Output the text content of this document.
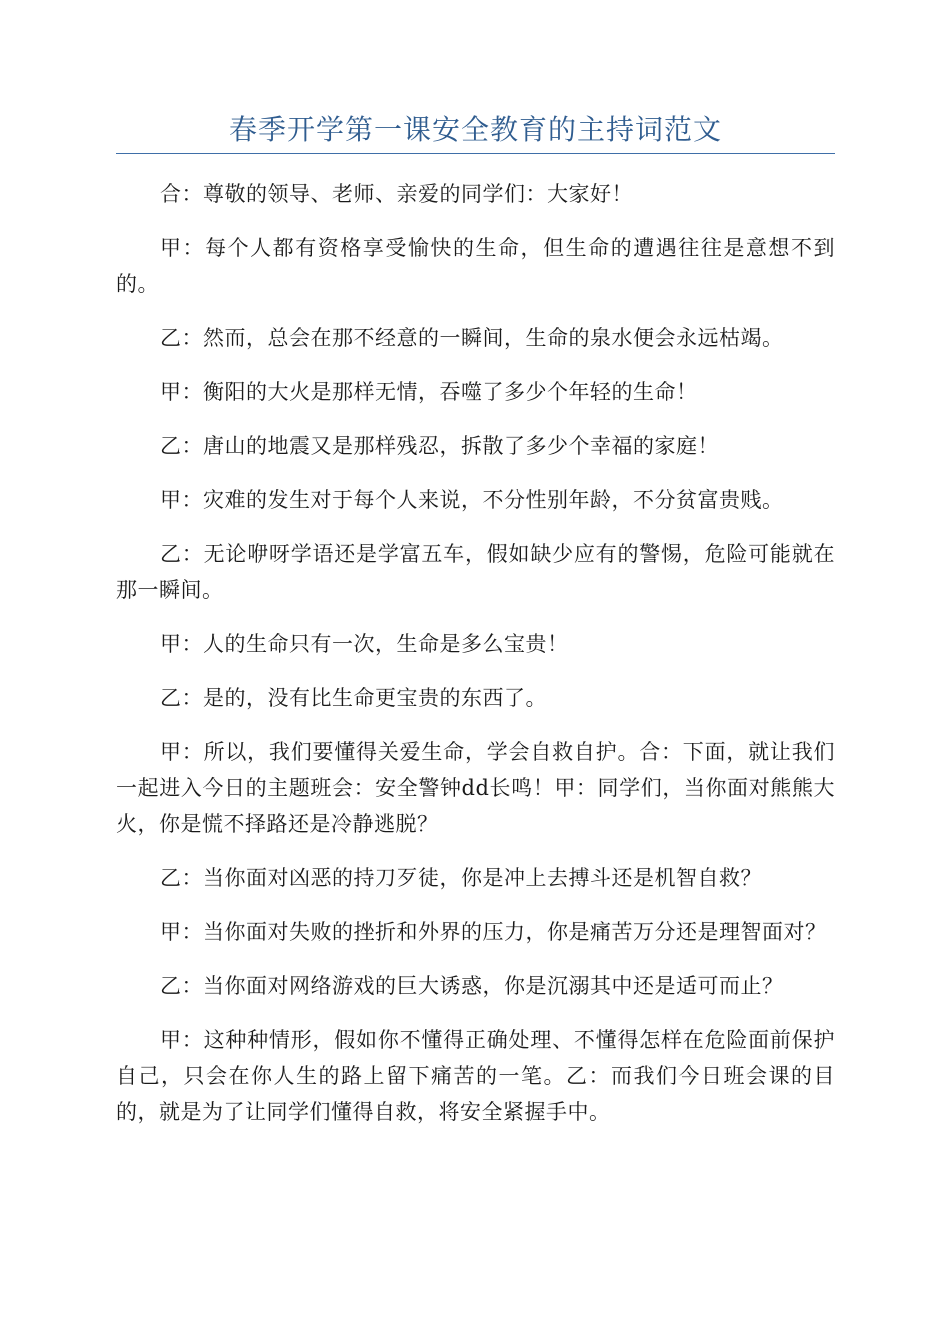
春季开学第一课安全教育的主持词范文

合：尊敬的领导、老师、亲爱的同学们：大家好！

甲：每个人都有资格享受愉快的生命，但生命的遭遇往往是意想不到的。

乙：然而，总会在那不经意的一瞬间，生命的泉水便会永远枯竭。

甲：衡阳的大火是那样无情，吞噬了多少个年轻的生命！

乙：唐山的地震又是那样残忍，拆散了多少个幸福的家庭！

甲：灾难的发生对于每个人来说，不分性别年龄，不分贫富贵贱。

乙：无论咿呀学语还是学富五车，假如缺少应有的警惕，危险可能就在那一瞬间。

甲：人的生命只有一次，生命是多么宝贵！

乙：是的，没有比生命更宝贵的东西了。

甲：所以，我们要懂得关爱生命，学会自救自护。合：下面，就让我们一起进入今日的主题班会：安全警钟dd长鸣！甲：同学们，当你面对熊熊大火，你是慌不择路还是冷静逃脱？

乙：当你面对凶恶的持刀歹徒，你是冲上去搏斗还是机智自救？

甲：当你面对失败的挫折和外界的压力，你是痛苦万分还是理智面对？

乙：当你面对网络游戏的巨大诱惑，你是沉溺其中还是适可而止？

甲：这种种情形，假如你不懂得正确处理、不懂得怎样在危险面前保护自己，只会在你人生的路上留下痛苦的一笔。乙：而我们今日班会课的目的，就是为了让同学们懂得自救，将安全紧握手中。
